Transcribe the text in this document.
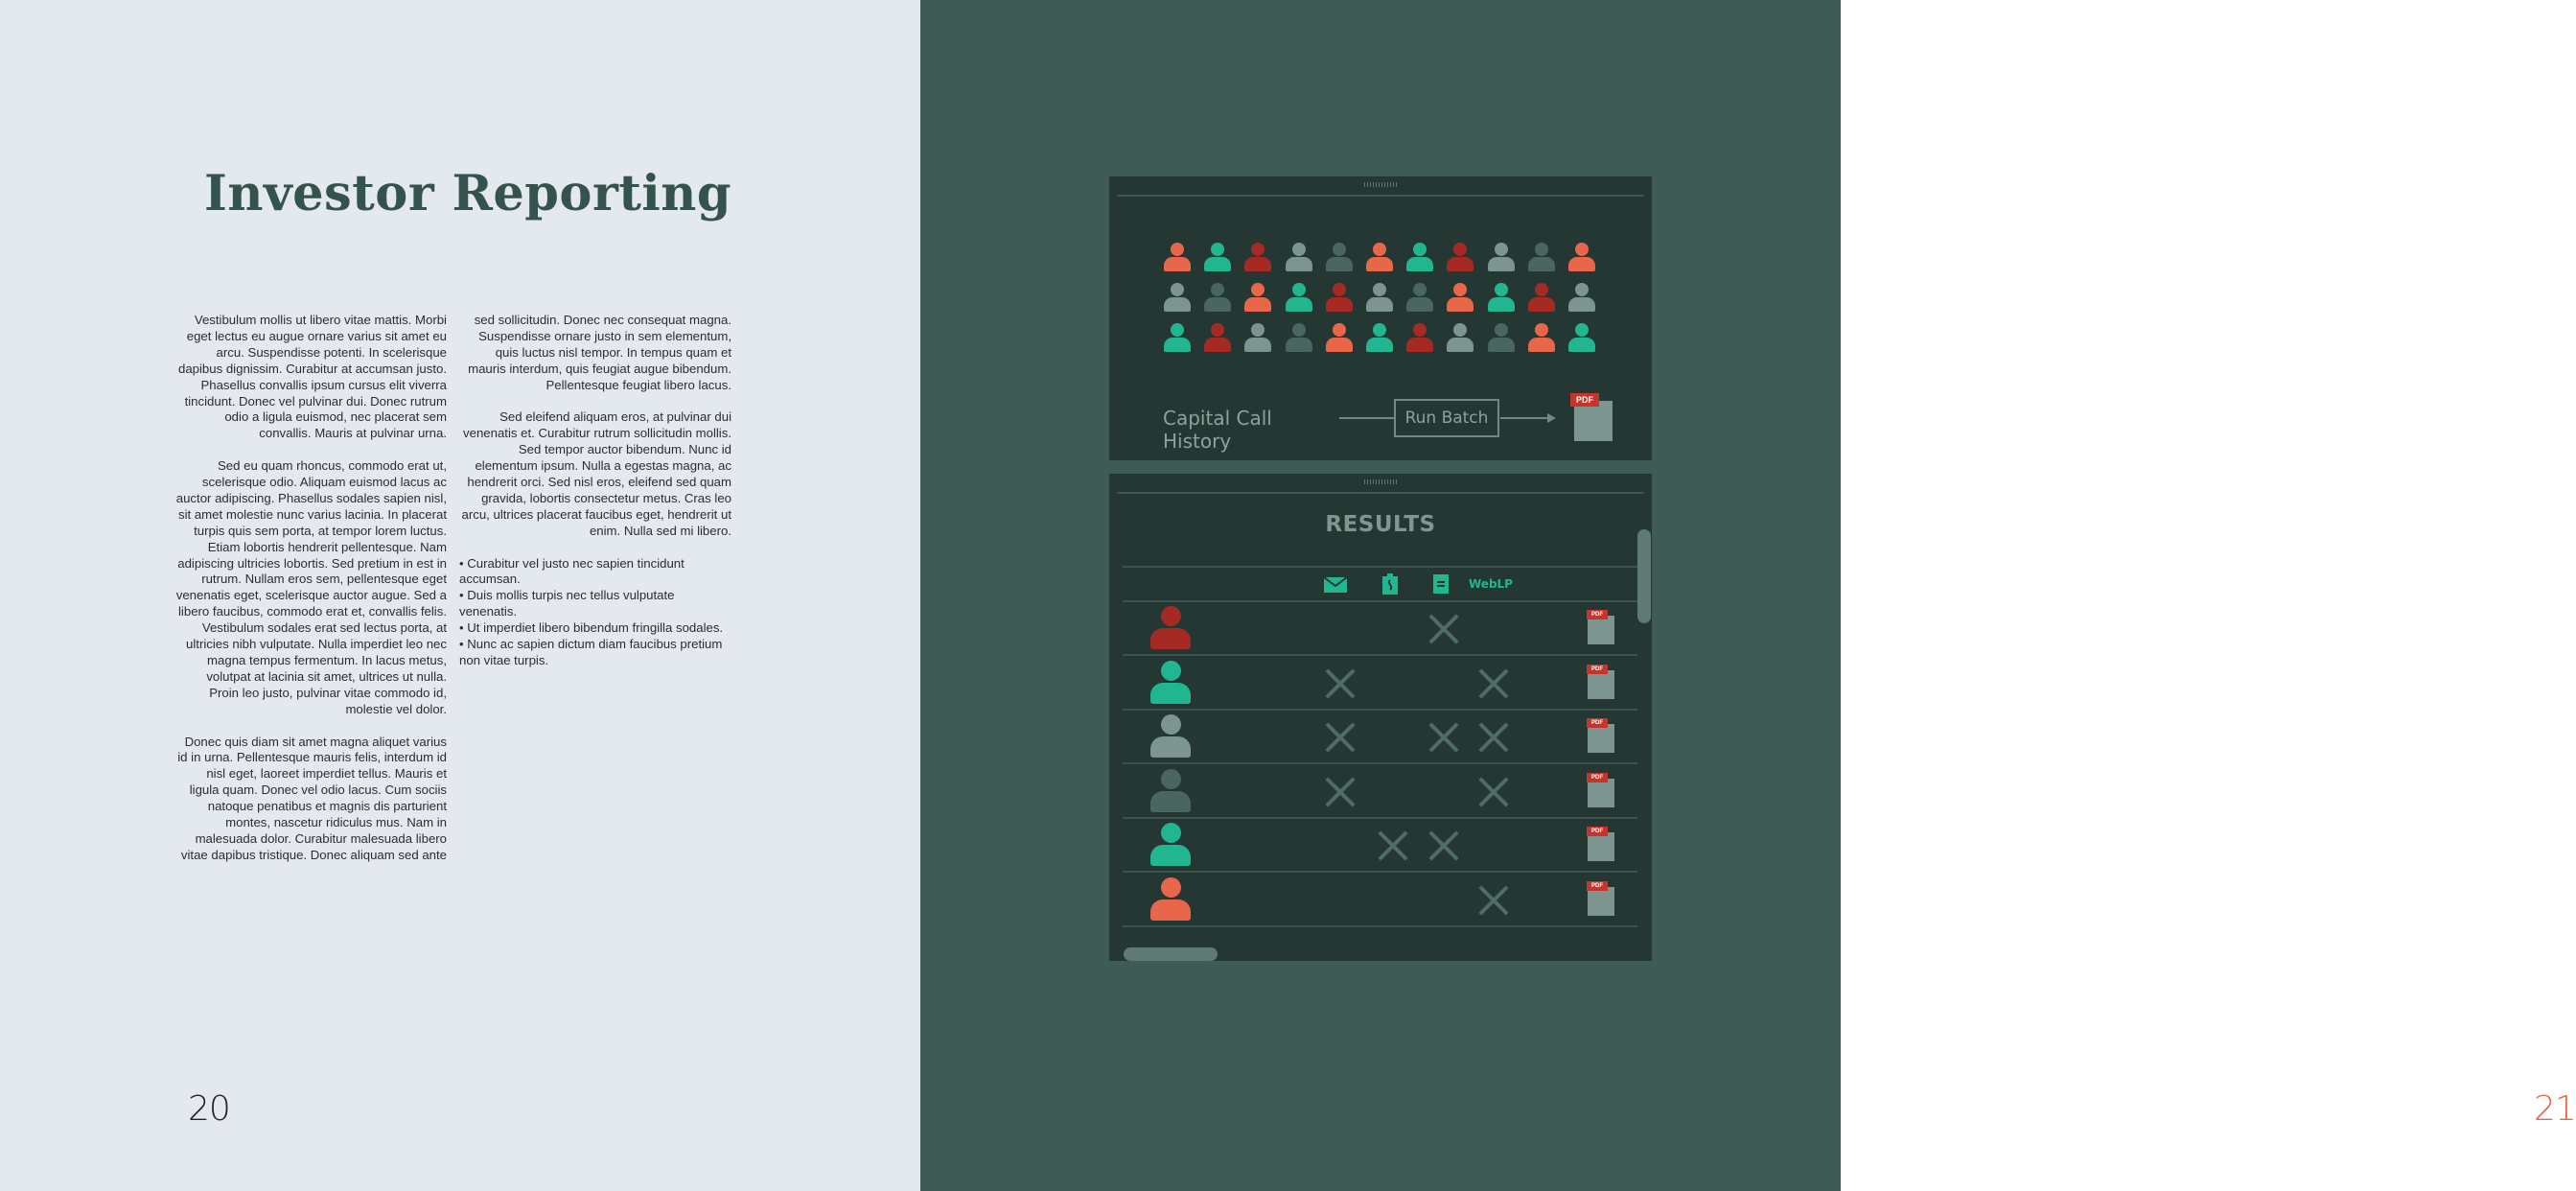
Investor Reporting

Vestibulum mollis ut libero vitae mattis. Morbi eget lectus eu augue ornare varius sit amet eu arcu. Suspendisse potenti. In scelerisque dapibus dignissim. Curabitur at accumsan justo. Phasellus convallis ipsum cursus elit viverra tincidunt. Donec vel pulvinar dui. Donec rutrum odio a ligula euismod, nec placerat sem convallis. Mauris at pulvinar urna.

Sed eu quam rhoncus, commodo erat ut, scelerisque odio. Aliquam euismod lacus ac auctor adipiscing. Phasellus sodales sapien nisl, sit amet molestie nunc varius lacinia. In placerat turpis quis sem porta, at tempor lorem luctus. Etiam lobortis hendrerit pellentesque. Nam adipiscing ultricies lobortis. Sed pretium in est in rutrum. Nullam eros sem, pellentesque eget venenatis eget, scelerisque auctor augue. Sed a libero faucibus, commodo erat et, convallis felis. Vestibulum sodales erat sed lectus porta, at ultricies nibh vulputate. Nulla imperdiet leo nec magna tempus fermentum. In lacus metus, volutpat at lacinia sit amet, ultrices ut nulla. Proin leo justo, pulvinar vitae commodo id, molestie vel dolor.

Donec quis diam sit amet magna aliquet varius id in urna. Pellentesque mauris felis, interdum id nisl eget, laoreet imperdiet tellus. Mauris et ligula quam. Donec vel odio lacus. Cum sociis natoque penatibus et magnis dis parturient montes, nascetur ridiculus mus. Nam in malesuada dolor. Curabitur malesuada libero vitae dapibus tristique. Donec aliquam sed ante

sed sollicitudin. Donec nec consequat magna. Suspendisse ornare justo in sem elementum, quis luctus nisl tempor. In tempus quam et mauris interdum, quis feugiat augue bibendum. Pellentesque feugiat libero lacus.

Sed eleifend aliquam eros, at pulvinar dui venenatis et. Curabitur rutrum sollicitudin mollis. Sed tempor auctor bibendum. Nunc id elementum ipsum. Nulla a egestas magna, ac hendrerit orci. Sed nisl eros, eleifend sed quam gravida, lobortis consectetur metus. Cras leo arcu, ultrices placerat faucibus eget, hendrerit ut enim. Nulla sed mi libero.

• Curabitur vel justo nec sapien tincidunt accumsan.
• Duis mollis turpis nec tellus vulputate venenatis.
• Ut imperdiet libero bibendum fringilla sodales.
• Nunc ac sapien dictum diam faucibus pretium non vitae turpis.
20	21
Capital Call History
Run Batch
PDF
RESULTS
WebLP
PDF
PDF
PDF
PDF
PDF
PDF
